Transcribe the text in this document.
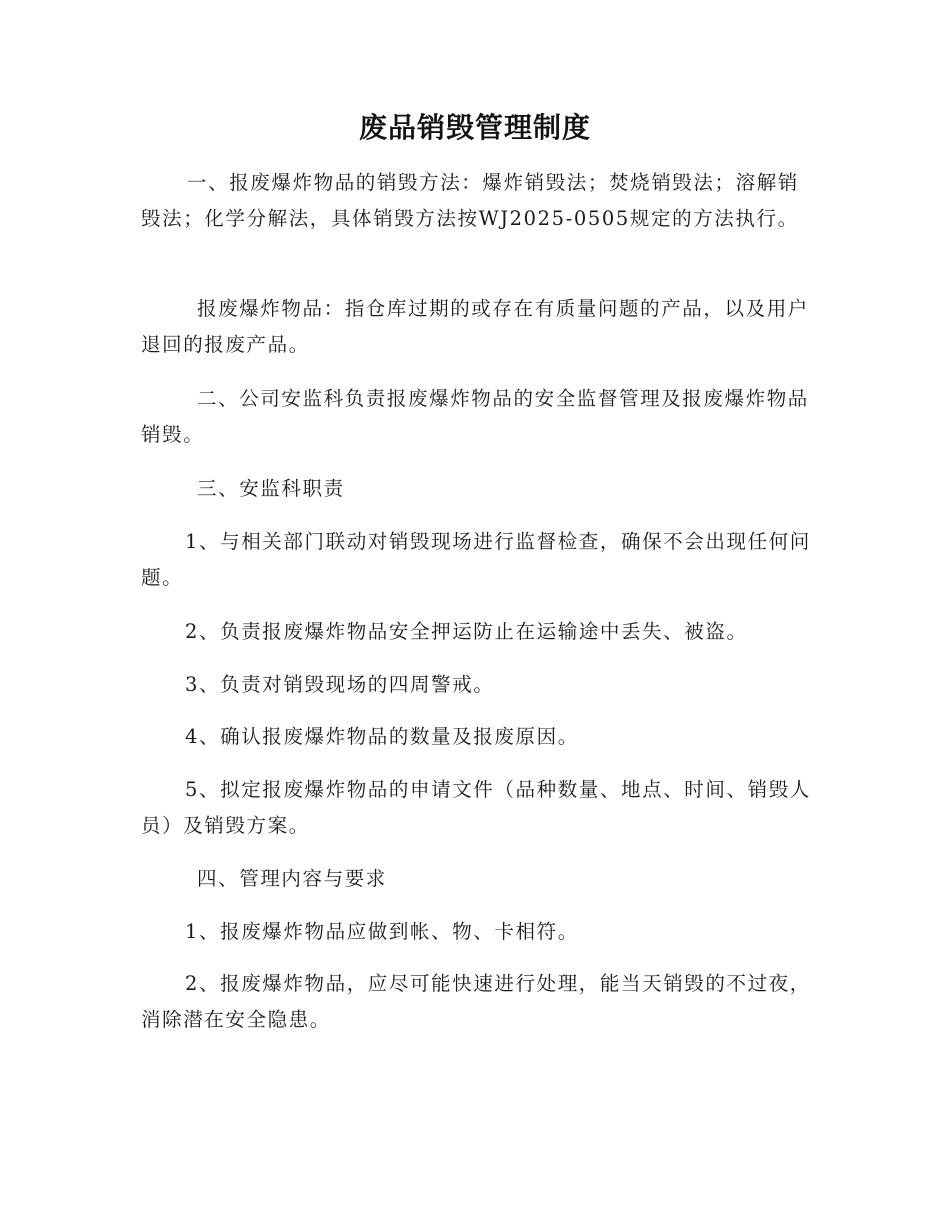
废品销毁管理制度
一、报废爆炸物品的销毁方法：爆炸销毁法；焚烧销毁法；溶解销毁法；化学分解法，具体销毁方法按WJ2025-0505规定的方法执行。
报废爆炸物品：指仓库过期的或存在有质量问题的产品，以及用户退回的报废产品。
二、公司安监科负责报废爆炸物品的安全监督管理及报废爆炸物品销毁。
三、安监科职责
1、与相关部门联动对销毁现场进行监督检查，确保不会出现任何问题。
2、负责报废爆炸物品安全押运防止在运输途中丢失、被盗。
3、负责对销毁现场的四周警戒。
4、确认报废爆炸物品的数量及报废原因。
5、拟定报废爆炸物品的申请文件（品种数量、地点、时间、销毁人员）及销毁方案。
四、管理内容与要求
1、报废爆炸物品应做到帐、物、卡相符。
2、报废爆炸物品，应尽可能快速进行处理，能当天销毁的不过夜，消除潜在安全隐患。
